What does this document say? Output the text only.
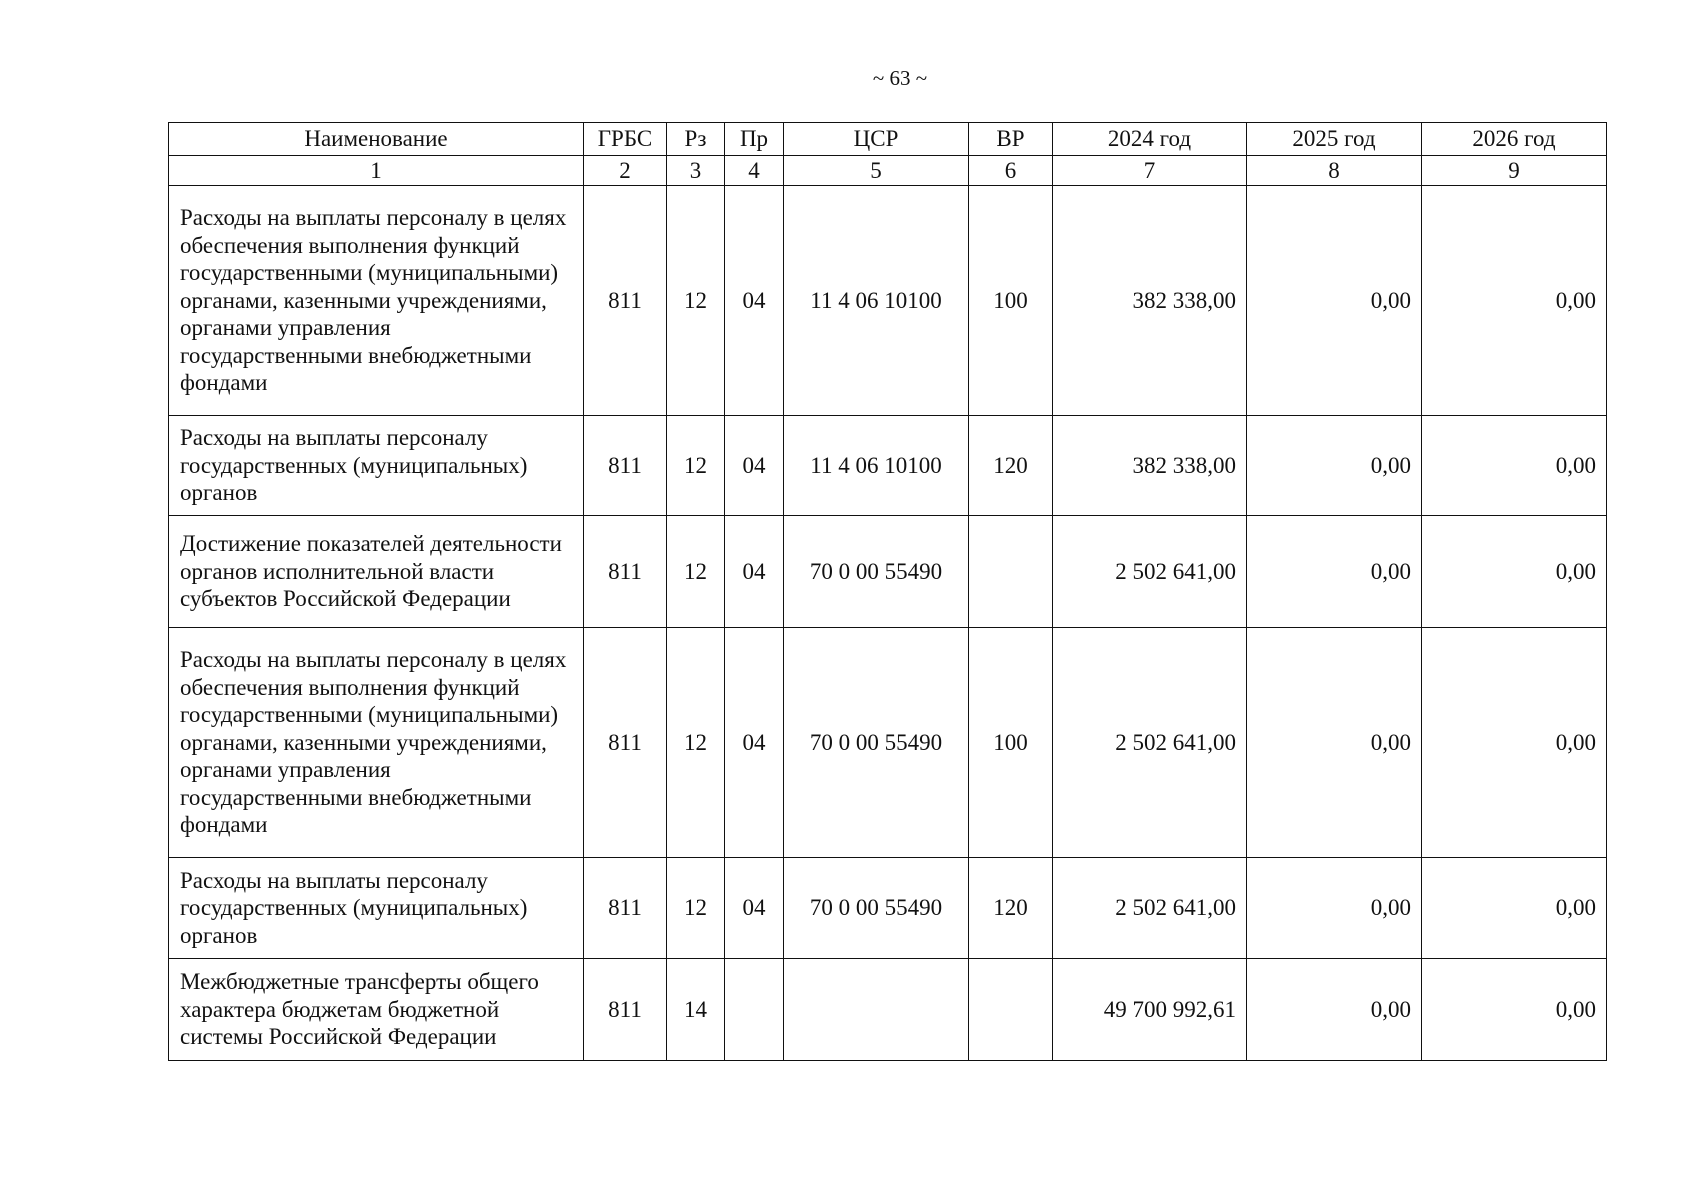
~ 63 ~
Наименование	ГРБС	Рз	Пр	ЦСР	ВР	2024 год	2025 год	2026 год
1	2	3	4	5	6	7	8	9
Расходы на выплаты персоналу в целях обеспечения выполнения функций государственными (муниципальными) органами, казенными учреждениями, органами управления государственными внебюджетными фондами	811	12	04	11 4 06 10100	100	382 338,00	0,00	0,00
Расходы на выплаты персоналу государственных (муниципальных) органов	811	12	04	11 4 06 10100	120	382 338,00	0,00	0,00
Достижение показателей деятельности органов исполнительной власти субъектов Российской Федерации	811	12	04	70 0 00 55490		2 502 641,00	0,00	0,00
Расходы на выплаты персоналу в целях обеспечения выполнения функций государственными (муниципальными) органами, казенными учреждениями, органами управления государственными внебюджетными фондами	811	12	04	70 0 00 55490	100	2 502 641,00	0,00	0,00
Расходы на выплаты персоналу государственных (муниципальных) органов	811	12	04	70 0 00 55490	120	2 502 641,00	0,00	0,00
Межбюджетные трансферты общего характера бюджетам бюджетной системы Российской Федерации	811	14				49 700 992,61	0,00	0,00
